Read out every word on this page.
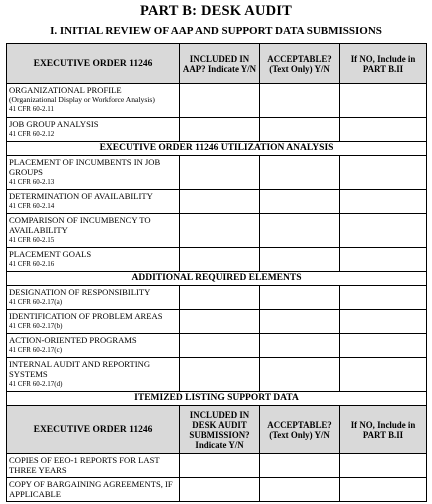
PART B: DESK AUDIT
I. INITIAL REVIEW OF AAP AND SUPPORT DATA SUBMISSIONS
EXECUTIVE ORDER 11246	INCLUDED IN AAP? Indicate Y/N	ACCEPTABLE? (Text Only) Y/N	If NO, Include in PART B.II

ORGANIZATIONAL PROFILE
(Organizational Display or Workforce Analysis)
41 CFR 60-2.11			

JOB GROUP ANALYSIS
41 CFR 60-2.12			

EXECUTIVE ORDER 11246 UTILIZATION ANALYSIS			

PLACEMENT OF INCUMBENTS IN JOB GROUPS
41 CFR 60-2.13			

DETERMINATION OF AVAILABILITY
41 CFR 60-2.14			

COMPARISON OF INCUMBENCY TO AVAILABILITY
41 CFR 60-2.15			

PLACEMENT GOALS
41 CFR 60-2.16			

ADDITIONAL REQUIRED ELEMENTS			

DESIGNATION OF RESPONSIBILITY
41 CFR 60-2.17(a)			

IDENTIFICATION OF PROBLEM AREAS
41 CFR 60-2.17(b)			

ACTION-ORIENTED PROGRAMS
41 CFR 60-2.17(c)			

INTERNAL AUDIT AND REPORTING SYSTEMS
41 CFR 60-2.17(d)			

ITEMIZED LISTING SUPPORT DATA			
EXECUTIVE ORDER 11246	INCLUDED IN DESK AUDIT SUBMISSION? Indicate Y/N	ACCEPTABLE? (Text Only) Y/N	If NO, Include in PART B.II

COPIES OF EEO-1 REPORTS FOR LAST THREE YEARS			

COPY OF BARGAINING AGREEMENTS, IF APPLICABLE			
